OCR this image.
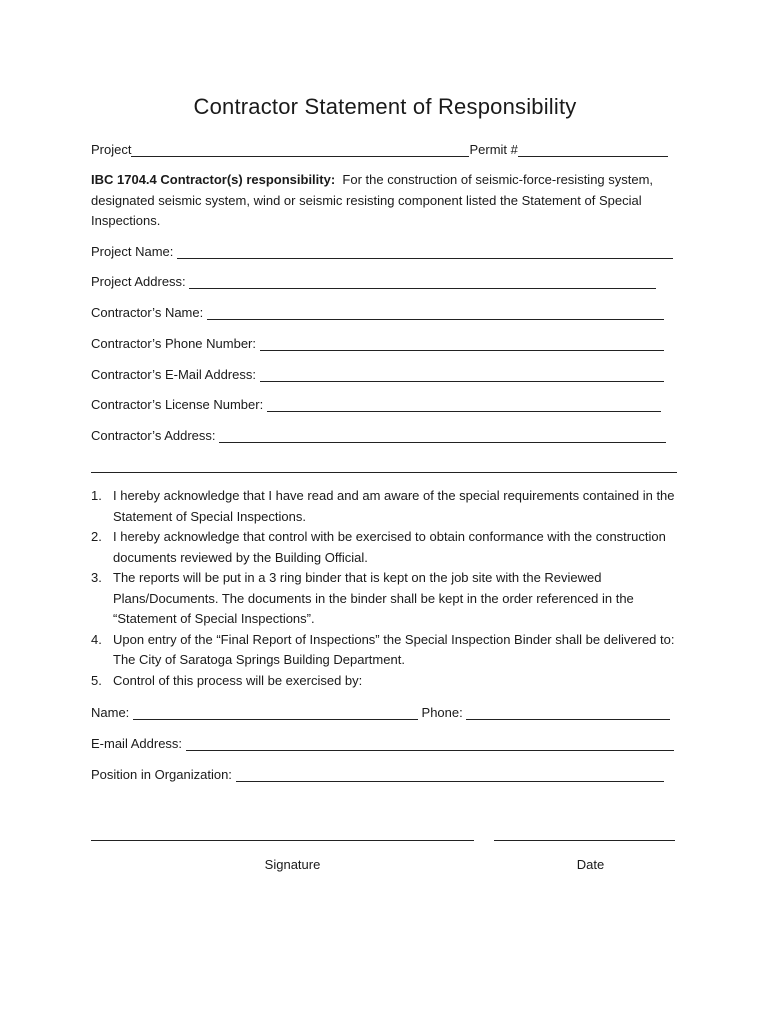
Contractor Statement of Responsibility
Project	Permit #
IBC 1704.4 Contractor(s) responsibility:  For the construction of seismic-force-resisting system, designated seismic system, wind or seismic resisting component listed the Statement of Special Inspections.
Project Name:
Project Address:
Contractor’s Name:
Contractor’s Phone Number:
Contractor’s E-Mail Address:
Contractor’s License Number:
Contractor’s Address:
1. I hereby acknowledge that I have read and am aware of the special requirements contained in the Statement of Special Inspections.
2. I hereby acknowledge that control with be exercised to obtain conformance with the construction documents reviewed by the Building Official.
3. The reports will be put in a 3 ring binder that is kept on the job site with the Reviewed Plans/Documents. The documents in the binder shall be kept in the order referenced in the “Statement of Special Inspections”.
4. Upon entry of the “Final Report of Inspections” the Special Inspection Binder shall be delivered to: The City of Saratoga Springs Building Department.
5. Control of this process will be exercised by:
Name:	Phone:
E-mail Address:
Position in Organization:
Signature	Date
